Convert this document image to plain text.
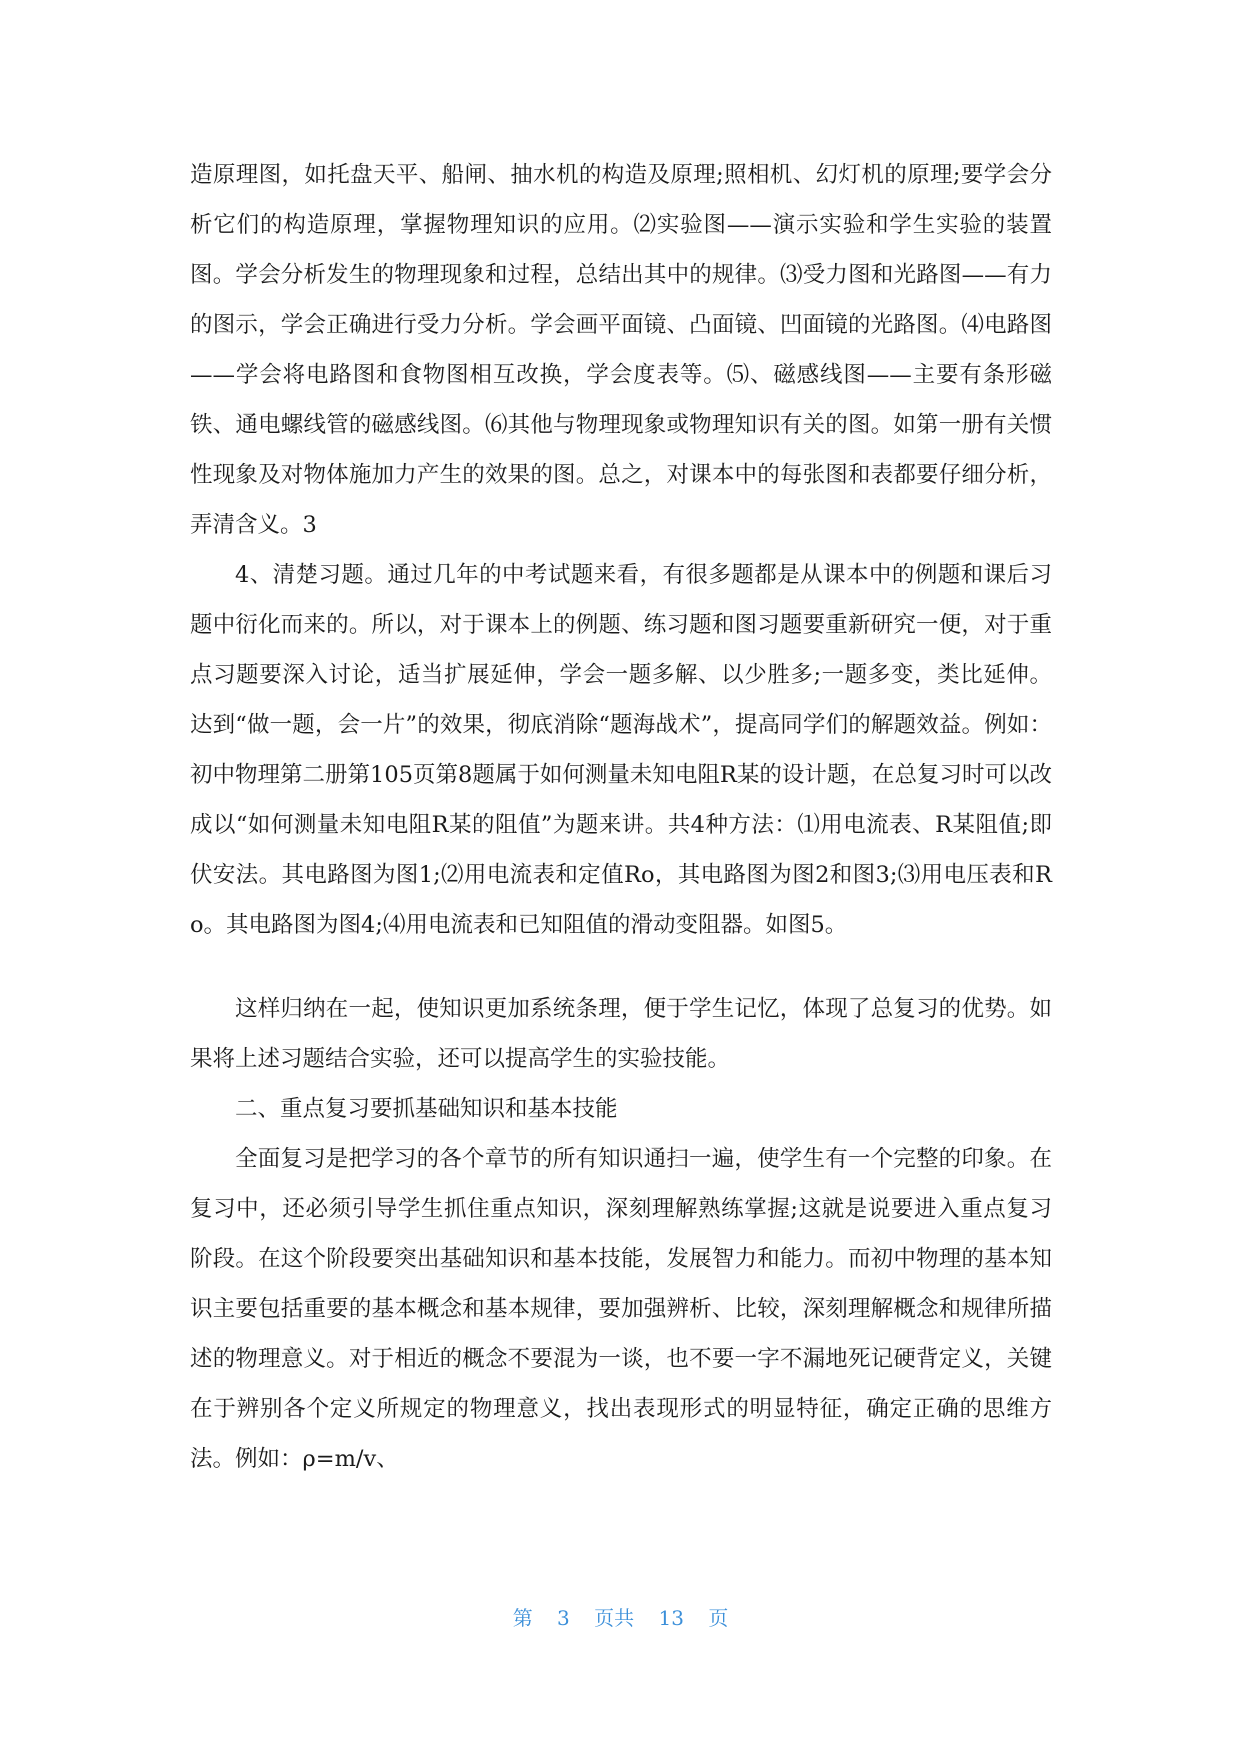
造原理图，如托盘天平、船闸、抽水机的构造及原理;照相机、幻灯机的原理;要学会分析它们的构造原理，掌握物理知识的应用。⑵实验图——演示实验和学生实验的装置图。学会分析发生的物理现象和过程，总结出其中的规律。⑶受力图和光路图——有力的图示，学会正确进行受力分析。学会画平面镜、凸面镜、凹面镜的光路图。⑷电路图——学会将电路图和食物图相互改换，学会度表等。⑸、磁感线图——主要有条形磁铁、通电螺线管的磁感线图。⑹其他与物理现象或物理知识有关的图。如第一册有关惯性现象及对物体施加力产生的效果的图。总之，对课本中的每张图和表都要仔细分析，弄清含义。3

4、清楚习题。通过几年的中考试题来看，有很多题都是从课本中的例题和课后习题中衍化而来的。所以，对于课本上的例题、练习题和图习题要重新研究一便，对于重点习题要深入讨论，适当扩展延伸，学会一题多解、以少胜多;一题多变，类比延伸。达到“做一题，会一片”的效果，彻底消除“题海战术”，提高同学们的解题效益。例如：初中物理第二册第105页第8题属于如何测量未知电阻R某的设计题，在总复习时可以改成以“如何测量未知电阻R某的阻值”为题来讲。共4种方法：⑴用电流表、R某阻值;即伏安法。其电路图为图1;⑵用电流表和定值Ro，其电路图为图2和图3;⑶用电压表和Ro。其电路图为图4;⑷用电流表和已知阻值的滑动变阻器。如图5。

这样归纳在一起，使知识更加系统条理，便于学生记忆，体现了总复习的优势。如果将上述习题结合实验，还可以提高学生的实验技能。

二、重点复习要抓基础知识和基本技能

全面复习是把学习的各个章节的所有知识通扫一遍，使学生有一个完整的印象。在复习中，还必须引导学生抓住重点知识，深刻理解熟练掌握;这就是说要进入重点复习阶段。在这个阶段要突出基础知识和基本技能，发展智力和能力。而初中物理的基本知识主要包括重要的基本概念和基本规律，要加强辨析、比较，深刻理解概念和规律所描述的物理意义。对于相近的概念不要混为一谈，也不要一字不漏地死记硬背定义，关键在于辨别各个定义所规定的物理意义，找出表现形式的明显特征，确定正确的思维方法。例如：ρ=m/v、

第 3 页共 13 页
